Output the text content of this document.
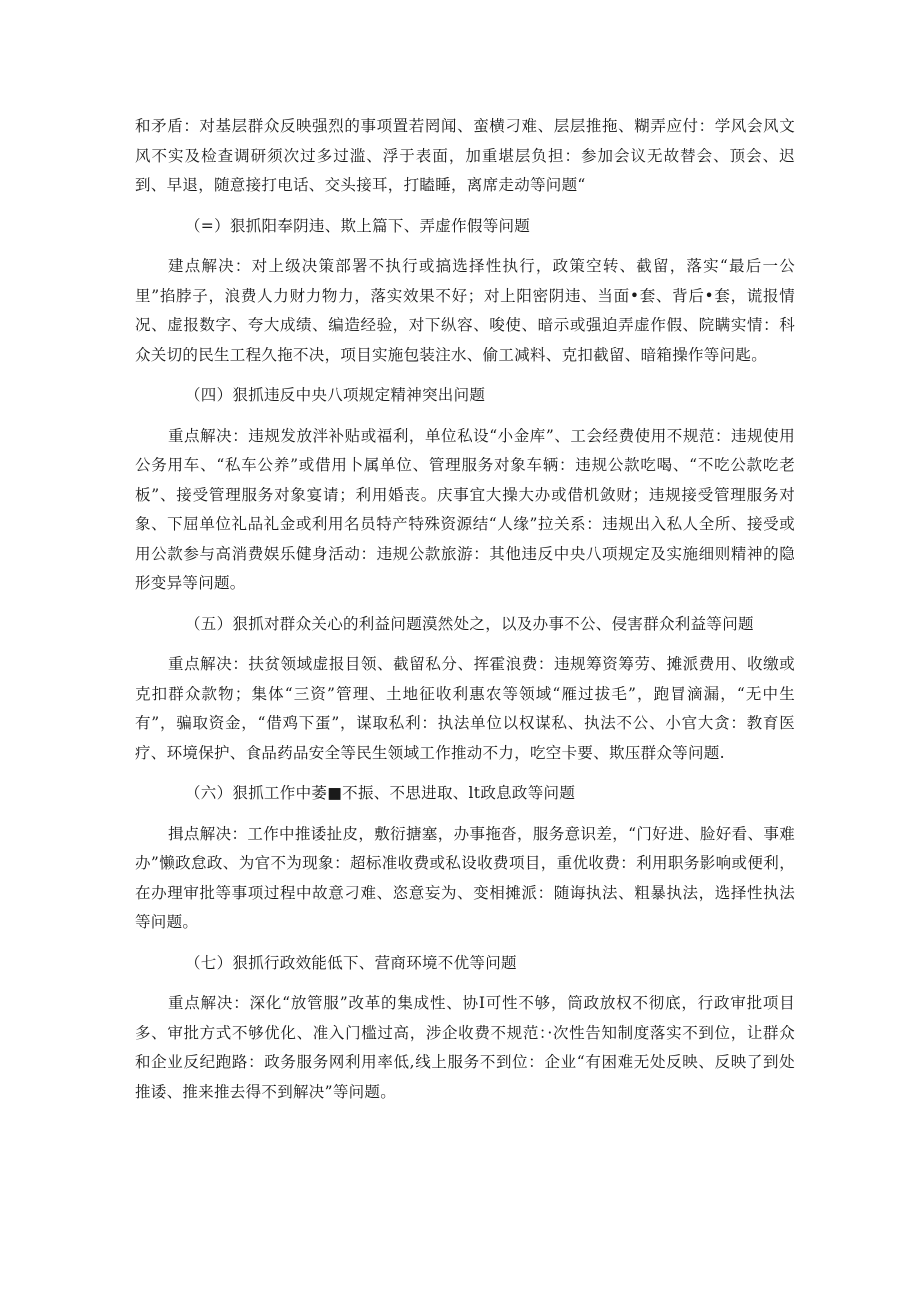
和矛盾：对基层群众反映强烈的事项置若罔闻、蛮横刁难、层层推拖、糊弄应付：学风会风文风不实及检查调研须次过多过滥、浮于表面，加重堪层负担：参加会议无故替会、顶会、迟到、早退，随意接打电话、交头接耳，打瞌睡，离席走动等问题“

（=）狠抓阳奉阴违、欺上篇下、弄虚作假等问题

建点解决：对上级决策部署不执行或搞选择性执行，政策空转、截留，落实“最后一公里”掐脖子，浪费人力财力物力，落实效果不好；对上阳密阴违、当面•套、背后•套，谎报情况、虚报数字、夸大成绩、编造经验，对下纵容、唆使、暗示或强迫弄虚作假、院瞒实情：科众关切的民生工程久拖不决，项目实施包装注水、偷工减料、克扣截留、暗箱操作等问匙。

（四）狠抓违反中央八项规定精神突出问题

重点解决：违规发放泮补贴或福利，单位私设“小金库”、工会经费使用不规范：违规使用公务用车、“私车公养”或借用卜属单位、管理服务对象车辆：违规公款吃喝、“不吃公款吃老板”、接受管理服务对象宴请；利用婚丧。庆事宜大操大办或借机敛财；违规接受管理服务对象、下屈单位礼品礼金或利用名员特产特殊资源结“人缘”拉关系：违规出入私人全所、接受或用公款参与高消费娱乐健身活动：违规公款旅游：其他违反中央八项规定及实施细则精神的隐形变异等问题。

（五）狠抓对群众关心的利益问题漠然处之，以及办事不公、侵害群众利益等问题

重点解决：扶贫领域虚报目领、截留私分、挥霍浪费：违规筹资筹劳、摊派费用、收缴或克扣群众款物；集体“三资”管理、土地征收利惠农等领域“雁过拔毛”，跑冒滴漏，“无中生有”，骗取资金，“借鸡下蛋”，谋取私利：执法单位以权谋私、执法不公、小官大贪：教育医疗、环境保护、食品药品安全等民生领域工作推动不力，吃空卡要、欺压群众等问题.

（六）狠抓工作中萎■不振、不思进取、lt政息政等问题

揖点解决：工作中推诿扯皮，敷衍搪塞，办事拖沓，服务意识差，“门好进、脸好看、事难办”懒政怠政、为官不为现象：超标准收费或私设收费项目，重优收费：利用职务影响或便利，在办理审批等事项过程中故意刁难、恣意妄为、变相摊派：随诲执法、粗暴执法，选择性执法等问题。

（七）狠抓行政效能低下、营商环境不优等问题

重点解决：深化“放管服”改革的集成性、协I可性不够，筒政放权不彻底，行政审批项目多、审批方式不够优化、准入门槛过高，涉企收费不规范：·次性告知制度落实不到位，让群众和企业反纪跑路：政务服务网利用率低,线上服务不到位：企业“有困难无处反映、反映了到处推诿、推来推去得不到解决”等问题。
